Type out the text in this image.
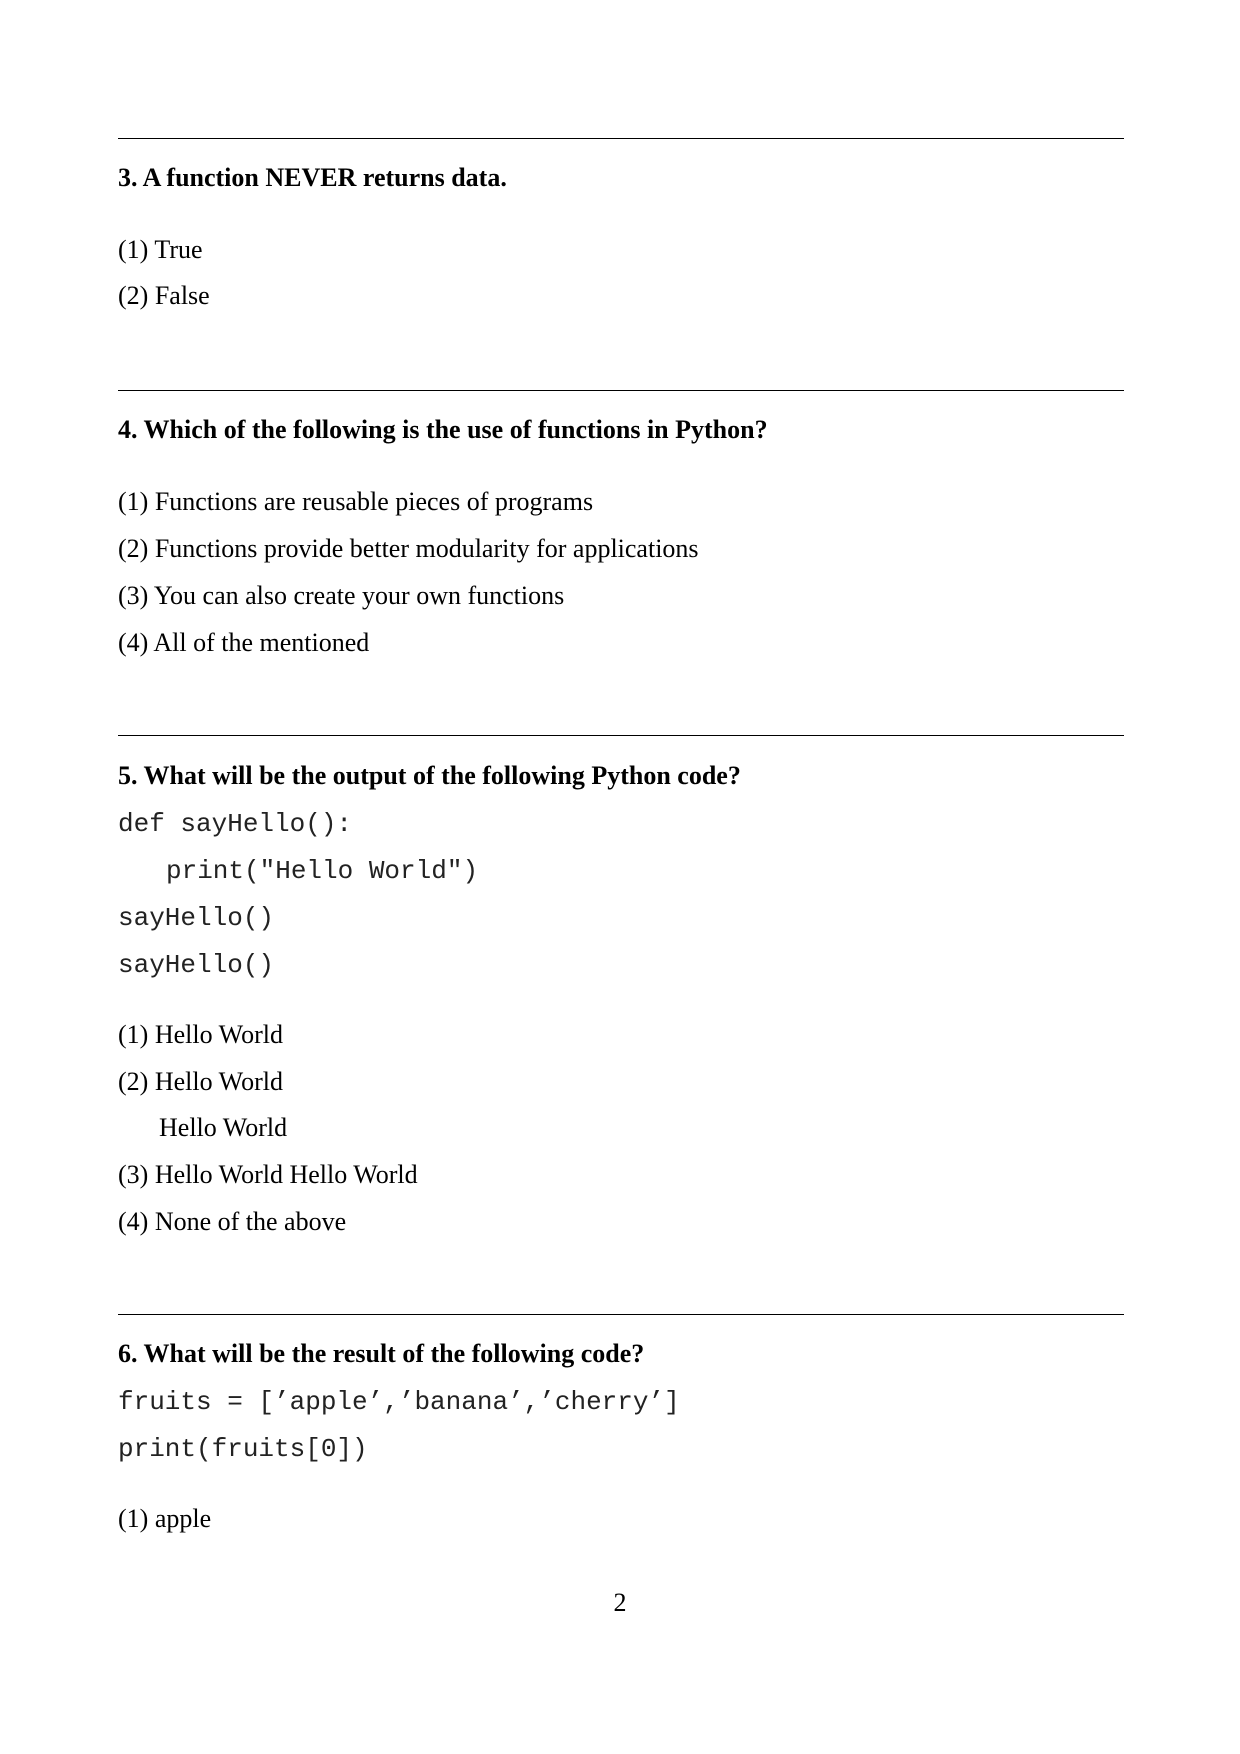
3. A function NEVER returns data.
(1) True
(2) False
4. Which of the following is the use of functions in Python?
(1) Functions are reusable pieces of programs
(2) Functions provide better modularity for applications
(3) You can also create your own functions
(4) All of the mentioned
5. What will be the output of the following Python code?
def sayHello():
print("Hello World")
sayHello()
sayHello()
(1) Hello World
(2) Hello World
Hello World
(3) Hello World Hello World
(4) None of the above
6. What will be the result of the following code?
fruits = [’apple’,’banana’,’cherry’]
print(fruits[0])
(1) apple
2
